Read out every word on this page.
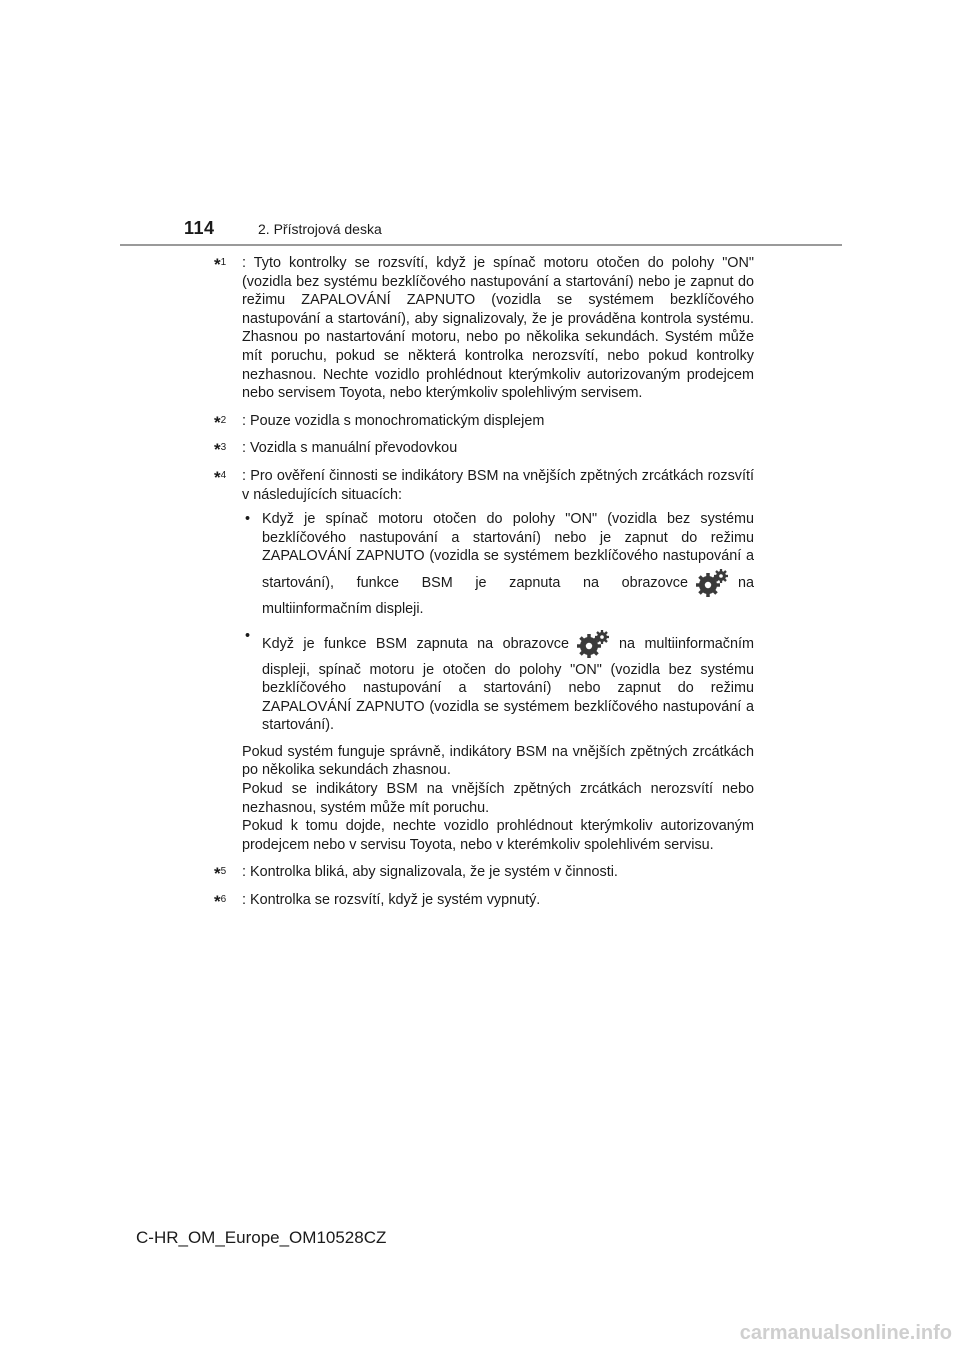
114	2. Přístrojová deska
*$^1$ : Tyto kontrolky se rozsvítí, když je spínač motoru otočen do polohy "ON" (vozidla bez systému bezklíčového nastupování a startování) nebo je zapnut do režimu ZAPALOVÁNÍ ZAPNUTO (vozidla se systémem bezklíčového nastupování a startování), aby signalizovaly, že je prováděna kontrola systému. Zhasnou po nastartování motoru, nebo po několika sekundách. Systém může mít poruchu, pokud se některá kontrolka nerozsvítí, nebo pokud kontrolky nezhasnou. Nechte vozidlo prohlédnout kterýmkoliv autorizovaným prodejcem nebo servisem Toyota, nebo kterýmkoliv spolehlivým servisem.
*$^2$ : Pouze vozidla s monochromatickým displejem
*$^3$ : Vozidla s manuální převodovkou
*$^4$ : Pro ověření činnosti se indikátory BSM na vnějších zpětných zrcátkách rozsvítí v následujících situacích:
• Když je spínač motoru otočen do polohy "ON" (vozidla bez systému bezklíčového nastupování a startování) nebo je zapnut do režimu ZAPALOVÁNÍ ZAPNUTO (vozidla se systémem bezklíčového nastupování a startování), funkce BSM je zapnuta na obrazovce	na multiinformačním displeji.
• Když je funkce BSM zapnuta na obrazovce	na multiinformačním displeji, spínač motoru je otočen do polohy "ON" (vozidla bez systému bezklíčového nastupování a startování) nebo zapnut do režimu ZAPALOVÁNÍ ZAPNUTO (vozidla se systémem bezklíčového nastupování a startování).

Pokud systém funguje správně, indikátory BSM na vnějších zpětných zrcátkách po několika sekundách zhasnou.

Pokud se indikátory BSM na vnějších zpětných zrcátkách nerozsvítí nebo nezhasnou, systém může mít poruchu.

Pokud k tomu dojde, nechte vozidlo prohlédnout kterýmkoliv autorizovaným prodejcem nebo v servisu Toyota, nebo v kterémkoliv spolehlivém servisu.

*$^5$ : Kontrolka bliká, aby signalizovala, že je systém v činnosti.
*$^6$ : Kontrolka se rozsvítí, když je systém vypnutý.
C-HR_OM_Europe_OM10528CZ
carmanualsonline.info
